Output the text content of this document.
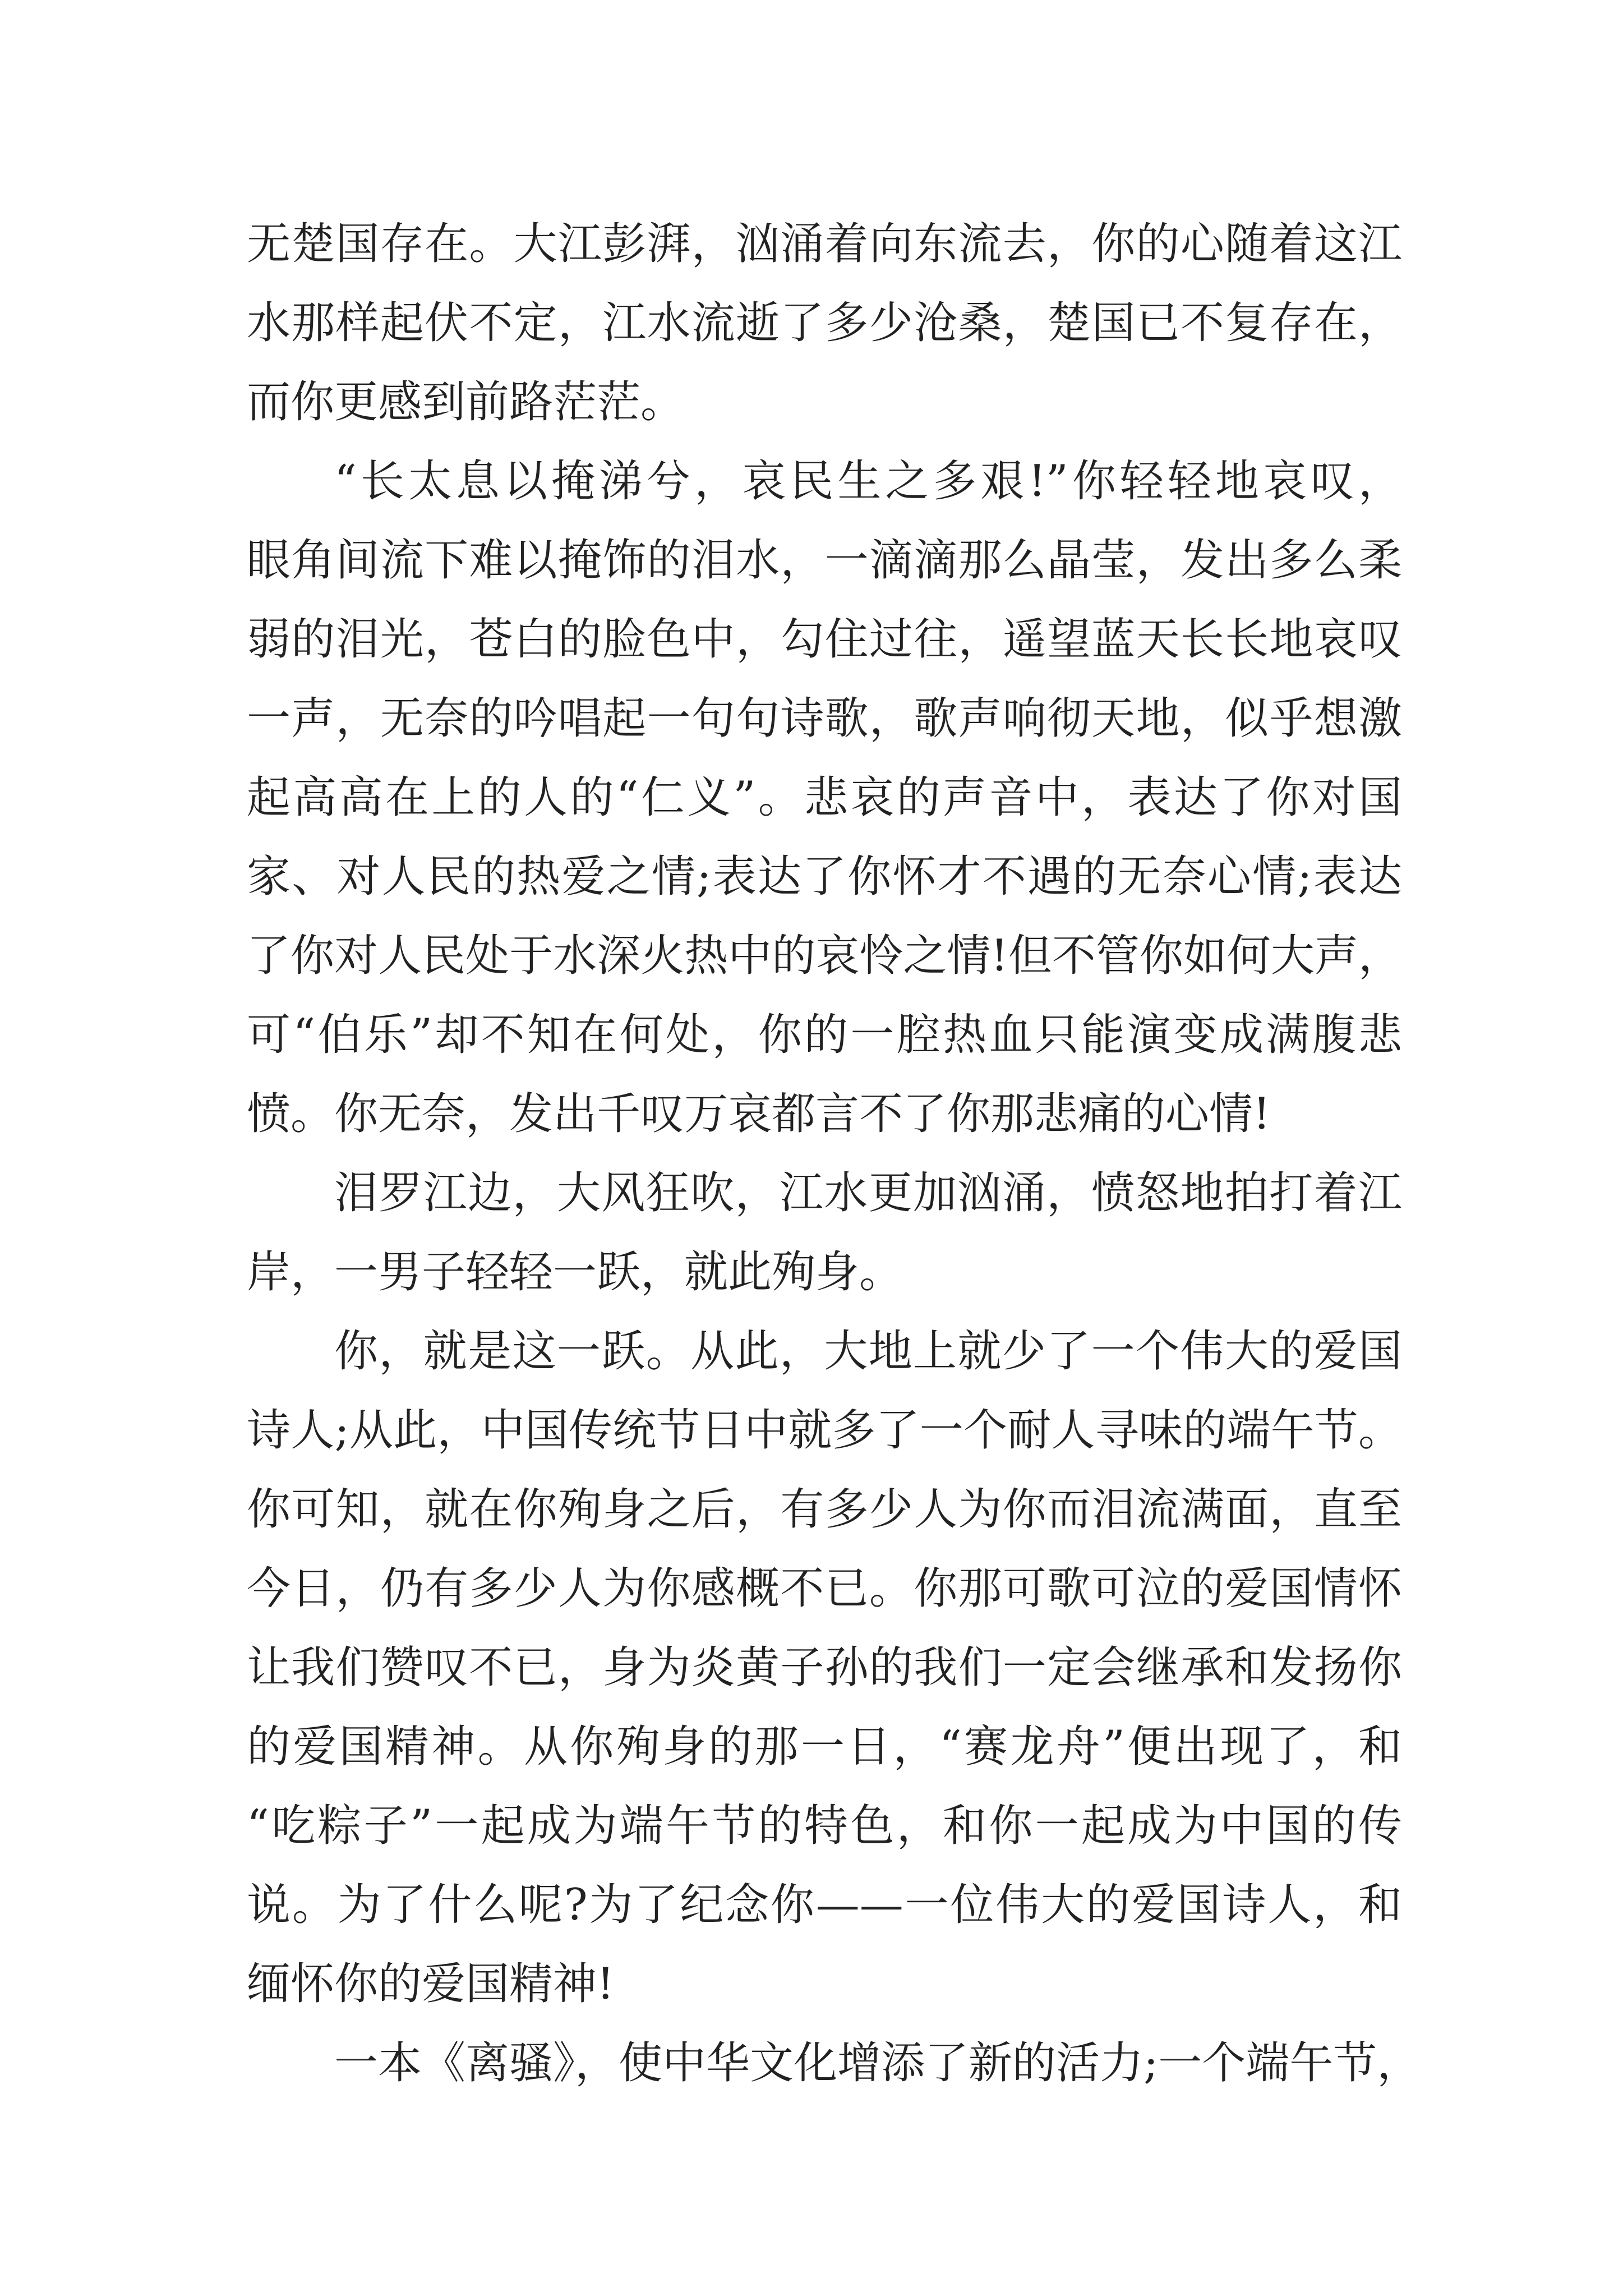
无楚国存在。大江彭湃，汹涌着向东流去，你的心随着这江
水那样起伏不定，江水流逝了多少沧桑，楚国已不复存在，
而你更感到前路茫茫。
“长太息以掩涕兮，哀民生之多艰!”你轻轻地哀叹，
眼角间流下难以掩饰的泪水，一滴滴那么晶莹，发出多么柔
弱的泪光，苍白的脸色中，勾住过往，遥望蓝天长长地哀叹
一声，无奈的吟唱起一句句诗歌，歌声响彻天地，似乎想激
起高高在上的人的“仁义”。悲哀的声音中，表达了你对国
家、对人民的热爱之情;表达了你怀才不遇的无奈心情;表达
了你对人民处于水深火热中的哀怜之情!但不管你如何大声，
可“伯乐”却不知在何处，你的一腔热血只能演变成满腹悲
愤。你无奈，发出千叹万哀都言不了你那悲痛的心情!
泪罗江边，大风狂吹，江水更加汹涌，愤怒地拍打着江
岸，一男子轻轻一跃，就此殉身。
你，就是这一跃。从此，大地上就少了一个伟大的爱国
诗人;从此，中国传统节日中就多了一个耐人寻味的端午节。
你可知，就在你殉身之后，有多少人为你而泪流满面，直至
今日，仍有多少人为你感概不已。你那可歌可泣的爱国情怀
让我们赞叹不已，身为炎黄子孙的我们一定会继承和发扬你
的爱国精神。从你殉身的那一日，“赛龙舟”便出现了，和
“吃粽子”一起成为端午节的特色，和你一起成为中国的传
说。为了什么呢?为了纪念你——一位伟大的爱国诗人，和
缅怀你的爱国精神!
一本《离骚》，使中华文化增添了新的活力;一个端午节，
